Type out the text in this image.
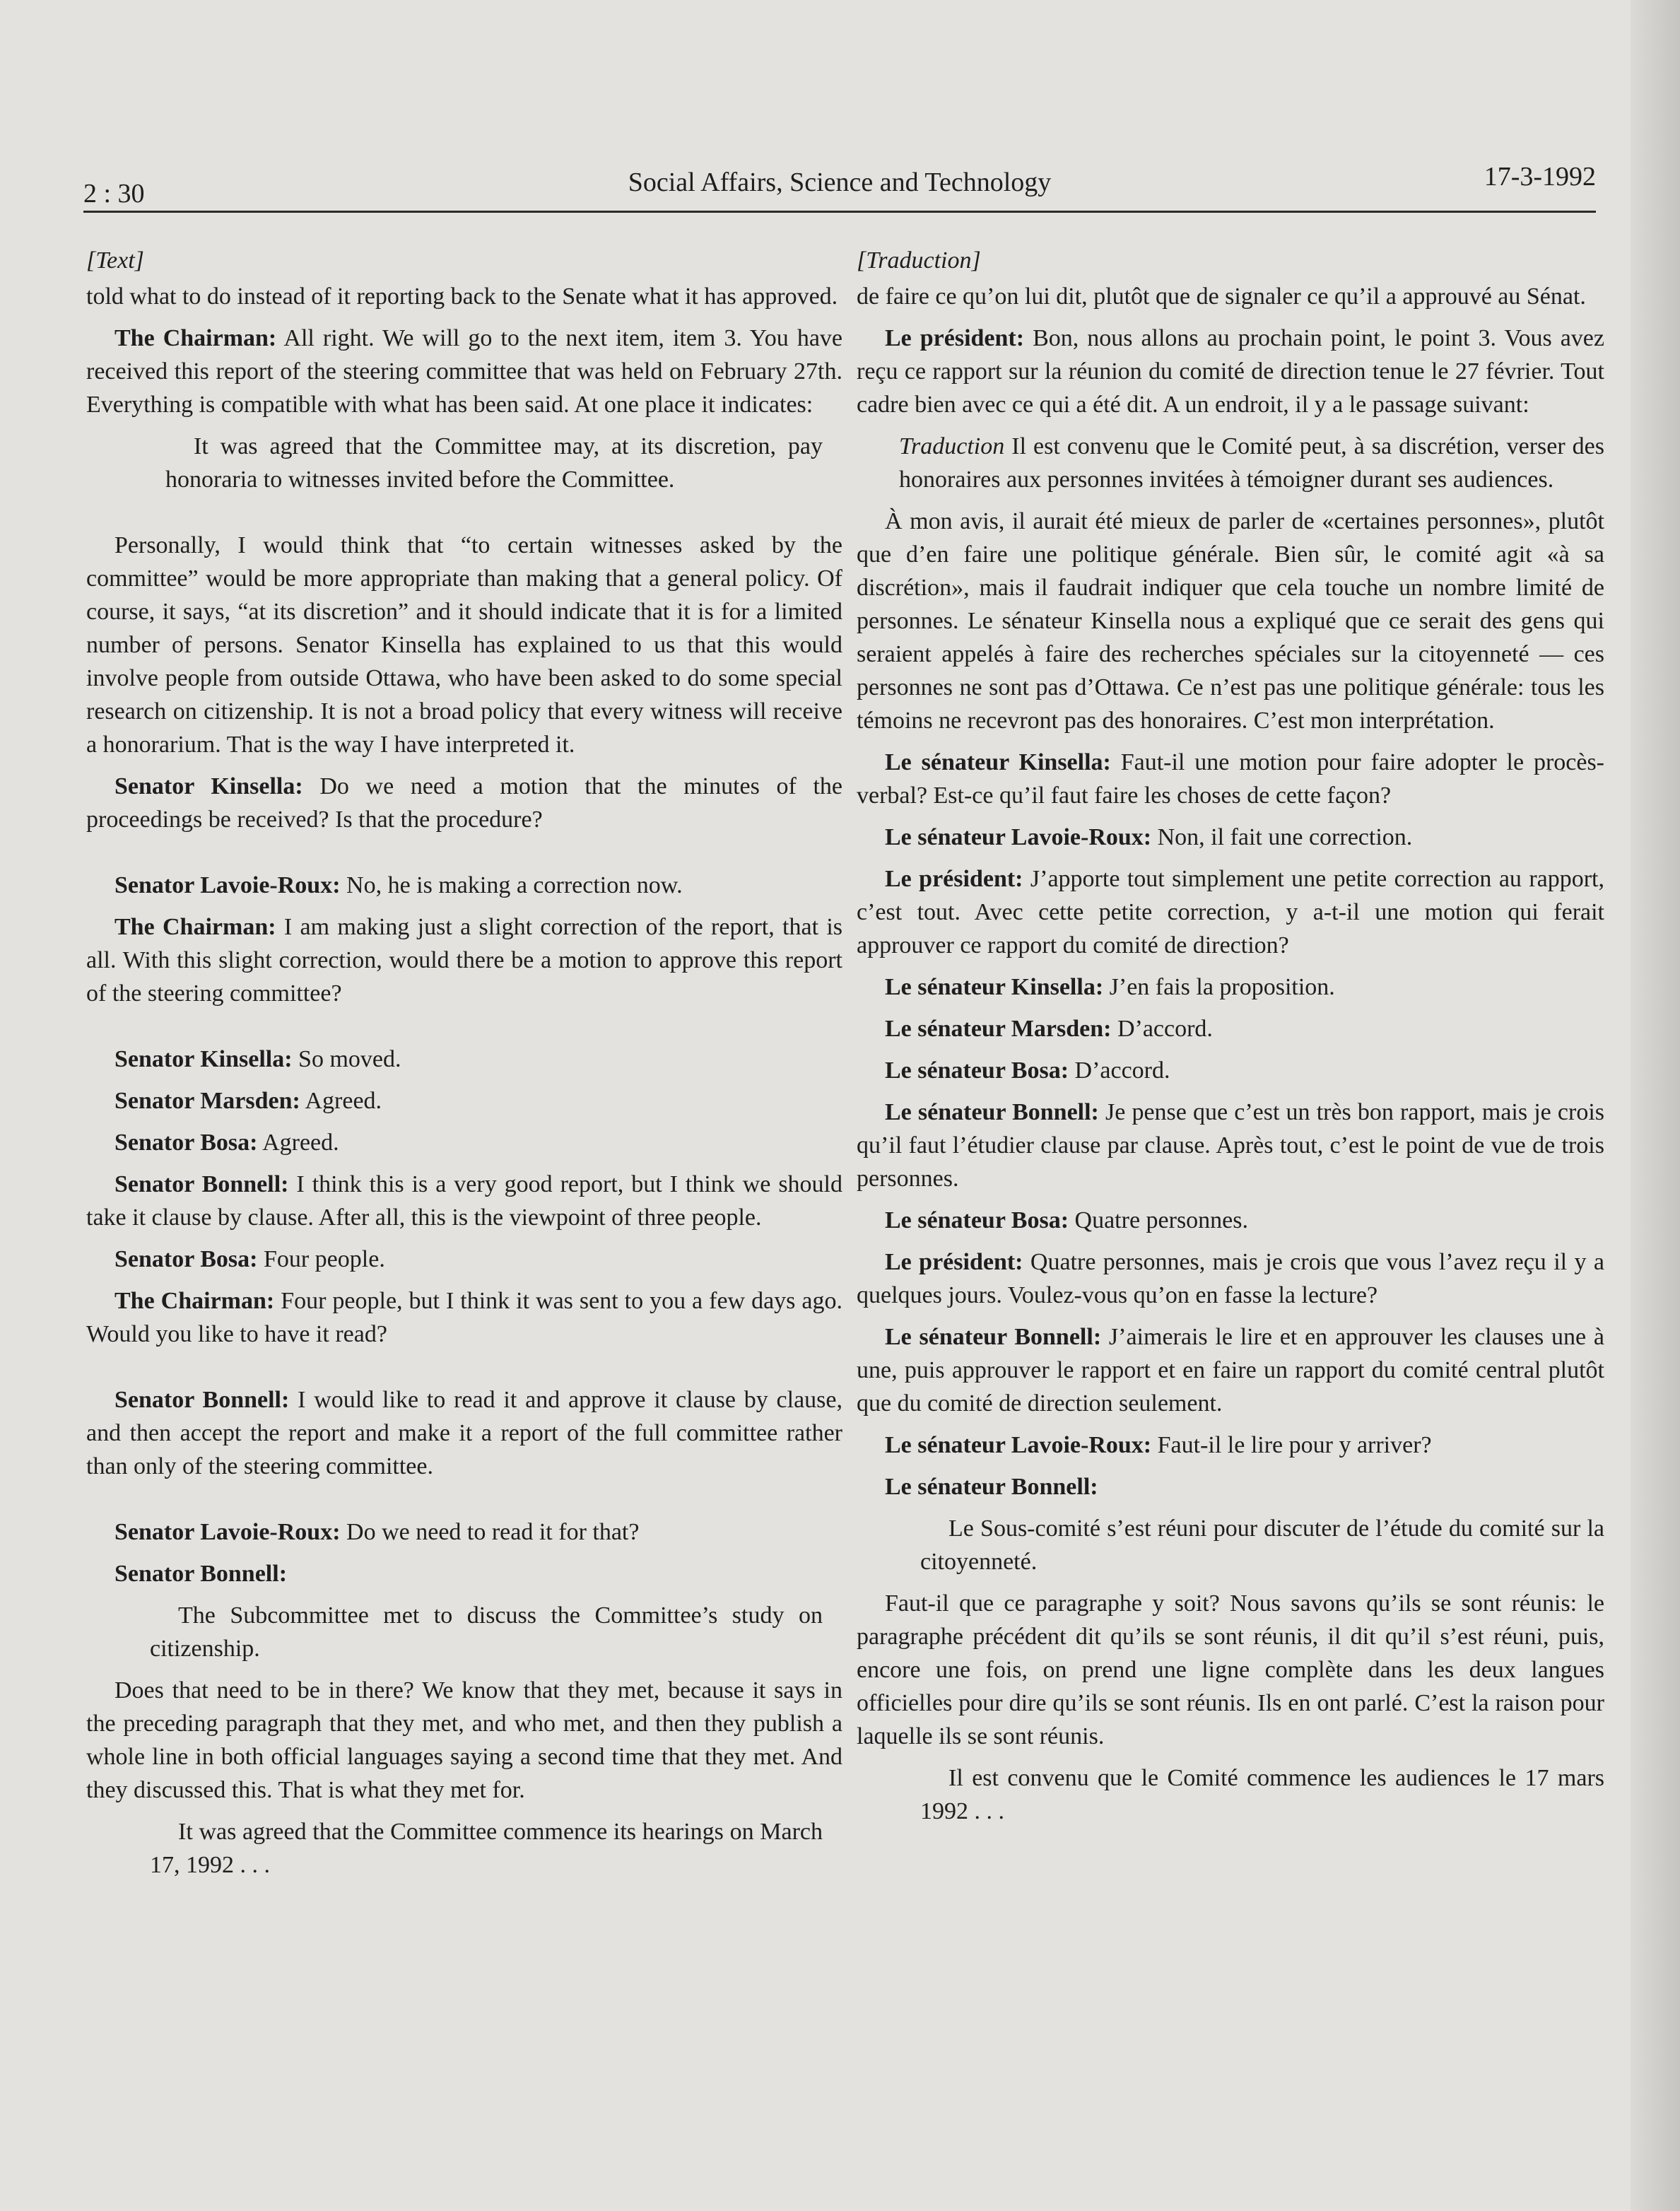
2 : 30	Social Affairs, Science and Technology	17-3-1992

[Text]

told what to do instead of it reporting back to the Senate what it has approved.

The Chairman: All right. We will go to the next item, item 3. You have received this report of the steering committee that was held on February 27th. Everything is compatible with what has been said. At one place it indicates:

It was agreed that the Committee may, at its discretion, pay honoraria to witnesses invited before the Committee.

Personally, I would think that “to certain witnesses asked by the committee” would be more appropriate than making that a general policy. Of course, it says, “at its discretion” and it should indicate that it is for a limited number of persons. Senator Kinsella has explained to us that this would involve people from outside Ottawa, who have been asked to do some special research on citizenship. It is not a broad policy that every witness will receive a honorarium. That is the way I have interpreted it.

Senator Kinsella: Do we need a motion that the minutes of the proceedings be received? Is that the procedure?

Senator Lavoie-Roux: No, he is making a correction now.

The Chairman: I am making just a slight correction of the report, that is all. With this slight correction, would there be a motion to approve this report of the steering committee?

Senator Kinsella: So moved.

Senator Marsden: Agreed.

Senator Bosa: Agreed.

Senator Bonnell: I think this is a very good report, but I think we should take it clause by clause. After all, this is the viewpoint of three people.

Senator Bosa: Four people.

The Chairman: Four people, but I think it was sent to you a few days ago. Would you like to have it read?

Senator Bonnell: I would like to read it and approve it clause by clause, and then accept the report and make it a report of the full committee rather than only of the steering committee.

Senator Lavoie-Roux: Do we need to read it for that?

Senator Bonnell:

The Subcommittee met to discuss the Committee’s study on citizenship.

Does that need to be in there? We know that they met, because it says in the preceding paragraph that they met, and who met, and then they publish a whole line in both official languages saying a second time that they met. And they discussed this. That is what they met for.

It was agreed that the Committee commence its hearings on March 17, 1992 . . .

[Traduction]

de faire ce qu’on lui dit, plutôt que de signaler ce qu’il a approuvé au Sénat.

Le président: Bon, nous allons au prochain point, le point 3. Vous avez reçu ce rapport sur la réunion du comité de direction tenue le 27 février. Tout cadre bien avec ce qui a été dit. A un endroit, il y a le passage suivant:

Traduction Il est convenu que le Comité peut, à sa discrétion, verser des honoraires aux personnes invitées à témoigner durant ses audiences.

À mon avis, il aurait été mieux de parler de «certaines personnes», plutôt que d’en faire une politique générale. Bien sûr, le comité agit «à sa discrétion», mais il faudrait indiquer que cela touche un nombre limité de personnes. Le sénateur Kinsella nous a expliqué que ce serait des gens qui seraient appelés à faire des recherches spéciales sur la citoyenneté — ces personnes ne sont pas d’Ottawa. Ce n’est pas une politique générale: tous les témoins ne recevront pas des honoraires. C’est mon interprétation.

Le sénateur Kinsella: Faut-il une motion pour faire adopter le procès-verbal? Est-ce qu’il faut faire les choses de cette façon?

Le sénateur Lavoie-Roux: Non, il fait une correction.

Le président: J’apporte tout simplement une petite correction au rapport, c’est tout. Avec cette petite correction, y a-t-il une motion qui ferait approuver ce rapport du comité de direction?

Le sénateur Kinsella: J’en fais la proposition.

Le sénateur Marsden: D’accord.

Le sénateur Bosa: D’accord.

Le sénateur Bonnell: Je pense que c’est un très bon rapport, mais je crois qu’il faut l’étudier clause par clause. Après tout, c’est le point de vue de trois personnes.

Le sénateur Bosa: Quatre personnes.

Le président: Quatre personnes, mais je crois que vous l’avez reçu il y a quelques jours. Voulez-vous qu’on en fasse la lecture?

Le sénateur Bonnell: J’aimerais le lire et en approuver les clauses une à une, puis approuver le rapport et en faire un rapport du comité central plutôt que du comité de direction seulement.

Le sénateur Lavoie-Roux: Faut-il le lire pour y arriver?

Le sénateur Bonnell:

Le Sous-comité s’est réuni pour discuter de l’étude du comité sur la citoyenneté.

Faut-il que ce paragraphe y soit? Nous savons qu’ils se sont réunis: le paragraphe précédent dit qu’ils se sont réunis, il dit qu’il s’est réuni, puis, encore une fois, on prend une ligne complète dans les deux langues officielles pour dire qu’ils se sont réunis. Ils en ont parlé. C’est la raison pour laquelle ils se sont réunis.

Il est convenu que le Comité commence les audiences le 17 mars 1992 . . .
